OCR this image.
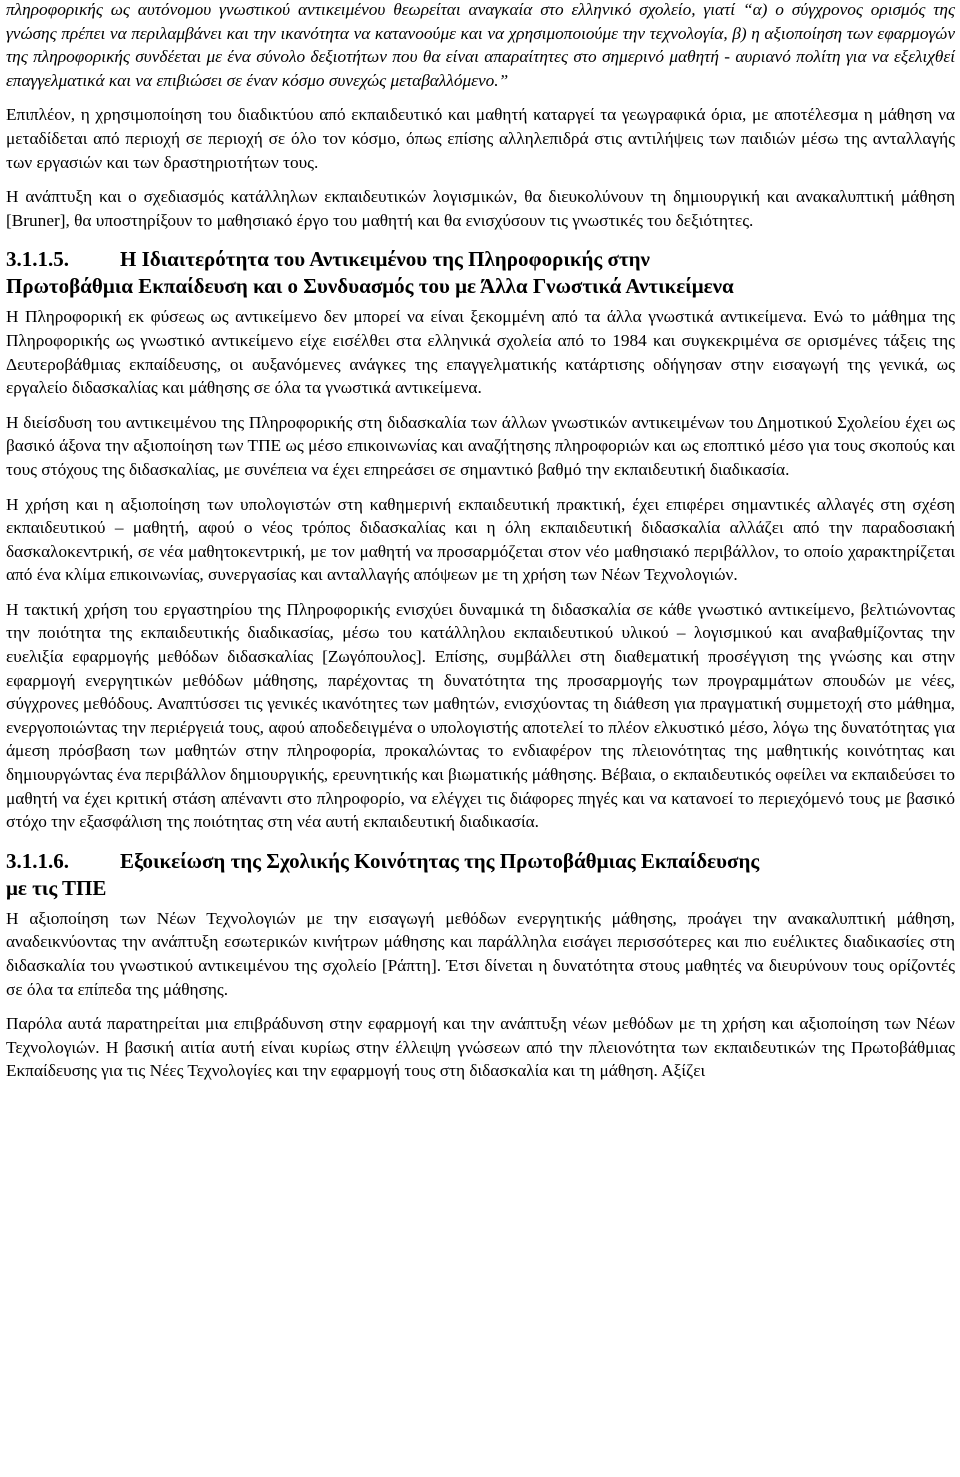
πληροφορικής ως αυτόνομου γνωστικού αντικειμένου θεωρείται αναγκαία στο ελληνικό σχολείο, γιατί “α) ο σύγχρονος ορισμός της γνώσης πρέπει να περιλαμβάνει και την ικανότητα να κατανοούμε και να χρησιμοποιούμε την τεχνολογία, β) η αξιοποίηση των εφαρμογών της πληροφορικής συνδέεται με ένα σύνολο δεξιοτήτων που θα είναι απαραίτητες στο σημερινό μαθητή - αυριανό πολίτη για να εξελιχθεί επαγγελματικά και να επιβιώσει σε έναν κόσμο συνεχώς μεταβαλλόμενο.”

Επιπλέον, η χρησιμοποίηση του διαδικτύου από εκπαιδευτικό και μαθητή καταργεί τα γεωγραφικά όρια, με αποτέλεσμα η μάθηση να μεταδίδεται από περιοχή σε περιοχή σε όλο τον κόσμο, όπως επίσης αλληλεπιδρά στις αντιλήψεις των παιδιών μέσω της ανταλλαγής των εργασιών και των δραστηριοτήτων τους.

Η ανάπτυξη και ο σχεδιασμός κατάλληλων εκπαιδευτικών λογισμικών, θα διευκολύνουν τη δημιουργική και ανακαλυπτική μάθηση [Bruner], θα υποστηρίξουν το μαθησιακό έργο του μαθητή και θα ενισχύσουν τις γνωστικές του δεξιότητες.

3.1.1.5.	Η Ιδιαιτερότητα του Αντικειμένου της Πληροφορικής στην
Πρωτοβάθμια Εκπαίδευση και ο Συνδυασμός του με Άλλα Γνωστικά Αντικείμενα

Η Πληροφορική εκ φύσεως ως αντικείμενο δεν μπορεί να είναι ξεκομμένη από τα άλλα γνωστικά αντικείμενα. Ενώ το μάθημα της Πληροφορικής ως γνωστικό αντικείμενο είχε εισέλθει στα ελληνικά σχολεία από το 1984 και συγκεκριμένα σε ορισμένες τάξεις της Δευτεροβάθμιας εκπαίδευσης, οι αυξανόμενες ανάγκες της επαγγελματικής κατάρτισης οδήγησαν στην εισαγωγή της γενικά, ως εργαλείο διδασκαλίας και μάθησης σε όλα τα γνωστικά αντικείμενα.

Η διείσδυση του αντικειμένου της Πληροφορικής στη διδασκαλία των άλλων γνωστικών αντικειμένων του Δημοτικού Σχολείου έχει ως βασικό άξονα την αξιοποίηση των ΤΠΕ ως μέσο επικοινωνίας και αναζήτησης πληροφοριών και ως εποπτικό μέσο για τους σκοπούς και τους στόχους της διδασκαλίας, με συνέπεια να έχει επηρεάσει σε σημαντικό βαθμό την εκπαιδευτική διαδικασία.

Η χρήση και η αξιοποίηση των υπολογιστών στη καθημερινή εκπαιδευτική πρακτική, έχει επιφέρει σημαντικές αλλαγές στη σχέση εκπαιδευτικού – μαθητή, αφού ο νέος τρόπος διδασκαλίας και η όλη εκπαιδευτική διδασκαλία αλλάζει από την παραδοσιακή δασκαλοκεντρική, σε νέα μαθητοκεντρική, με τον μαθητή να προσαρμόζεται στον νέο μαθησιακό περιβάλλον, το οποίο χαρακτηρίζεται από ένα κλίμα επικοινωνίας, συνεργασίας και ανταλλαγής απόψεων με τη χρήση των Νέων Τεχνολογιών.

Η τακτική χρήση του εργαστηρίου της Πληροφορικής ενισχύει δυναμικά τη διδασκαλία σε κάθε γνωστικό αντικείμενο, βελτιώνοντας την ποιότητα της εκπαιδευτικής διαδικασίας, μέσω του κατάλληλου εκπαιδευτικού υλικού – λογισμικού και αναβαθμίζοντας την ευελιξία εφαρμογής μεθόδων διδασκαλίας [Ζωγόπουλος]. Επίσης, συμβάλλει στη διαθεματική προσέγγιση της γνώσης και στην εφαρμογή ενεργητικών μεθόδων μάθησης, παρέχοντας τη δυνατότητα της προσαρμογής των προγραμμάτων σπουδών με νέες, σύγχρονες μεθόδους. Αναπτύσσει τις γενικές ικανότητες των μαθητών, ενισχύοντας τη διάθεση για πραγματική συμμετοχή στο μάθημα, ενεργοποιώντας την περιέργειά τους, αφού αποδεδειγμένα ο υπολογιστής αποτελεί το πλέον ελκυστικό μέσο, λόγω της δυνατότητας για άμεση πρόσβαση των μαθητών στην πληροφορία, προκαλώντας το ενδιαφέρον της πλειονότητας της μαθητικής κοινότητας και δημιουργώντας ένα περιβάλλον δημιουργικής, ερευνητικής και βιωματικής μάθησης. Βέβαια, ο εκπαιδευτικός οφείλει να εκπαιδεύσει το μαθητή να έχει κριτική στάση απέναντι στο πληροφορίο, να ελέγχει τις διάφορες πηγές και να κατανοεί το περιεχόμενό τους με βασικό στόχο την εξασφάλιση της ποιότητας στη νέα αυτή εκπαιδευτική διαδικασία.

3.1.1.6.	Εξοικείωση της Σχολικής Κοινότητας της Πρωτοβάθμιας Εκπαίδευσης
με τις ΤΠΕ

Η αξιοποίηση των Νέων Τεχνολογιών με την εισαγωγή μεθόδων ενεργητικής μάθησης, προάγει την ανακαλυπτική μάθηση, αναδεικνύοντας την ανάπτυξη εσωτερικών κινήτρων μάθησης και παράλληλα εισάγει περισσότερες και πιο ευέλικτες διαδικασίες στη διδασκαλία του γνωστικού αντικειμένου της σχολείο [Ράπτη]. Έτσι δίνεται η δυνατότητα στους μαθητές να διευρύνουν τους ορίζοντές σε όλα τα επίπεδα της μάθησης.

Παρόλα αυτά παρατηρείται μια επιβράδυνση στην εφαρμογή και την ανάπτυξη νέων μεθόδων με τη χρήση και αξιοποίηση των Νέων Τεχνολογιών. Η βασική αιτία αυτή είναι κυρίως στην έλλειψη γνώσεων από την πλειονότητα των εκπαιδευτικών της Πρωτοβάθμιας Εκπαίδευσης για τις Νέες Τεχνολογίες και την εφαρμογή τους στη διδασκαλία και τη μάθηση. Αξίζει
